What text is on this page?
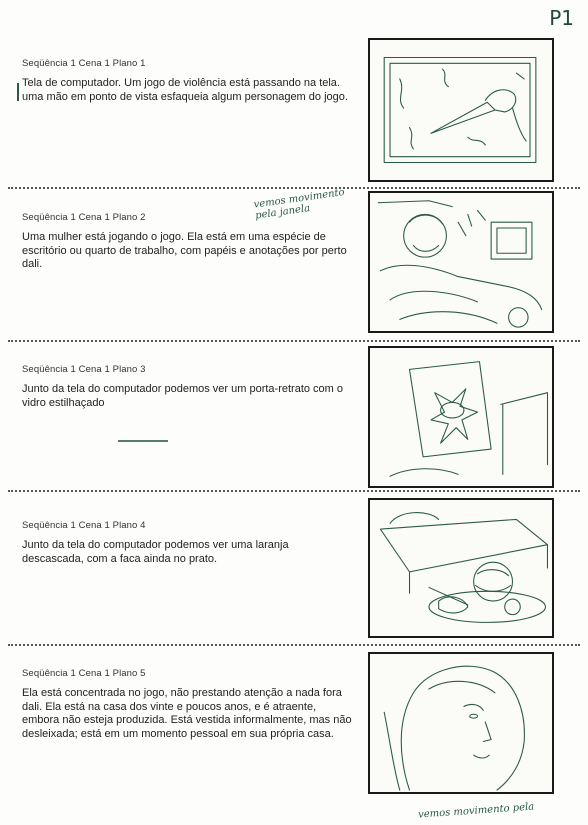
P1
Seqüência 1 Cena 1 Plano 1
Tela de computador. Um jogo de violência está passando na tela. uma mão em ponto de vista esfaqueia algum personagem do jogo.
Seqüência 1 Cena 1 Plano 2
Uma mulher está jogando o jogo. Ela está em uma espécie de escritório ou quarto de trabalho, com papéis e anotações por perto dali.
vemos movimento pela janela
Seqüência 1 Cena 1 Plano 3
Junto da tela do computador podemos ver um porta-retrato com o vidro estilhaçado
Seqüência 1 Cena 1 Plano 4
Junto da tela do computador podemos ver uma laranja descascada, com a faca ainda no prato.
Seqüência 1 Cena 1 Plano 5
Ela está concentrada no jogo, não prestando atenção a nada fora dali. Ela está na casa dos vinte e poucos anos, e é atraente, embora não esteja produzida. Está vestida informalmente, mas não desleixada; está em um momento pessoal em sua própria casa.
vemos movimento pela
